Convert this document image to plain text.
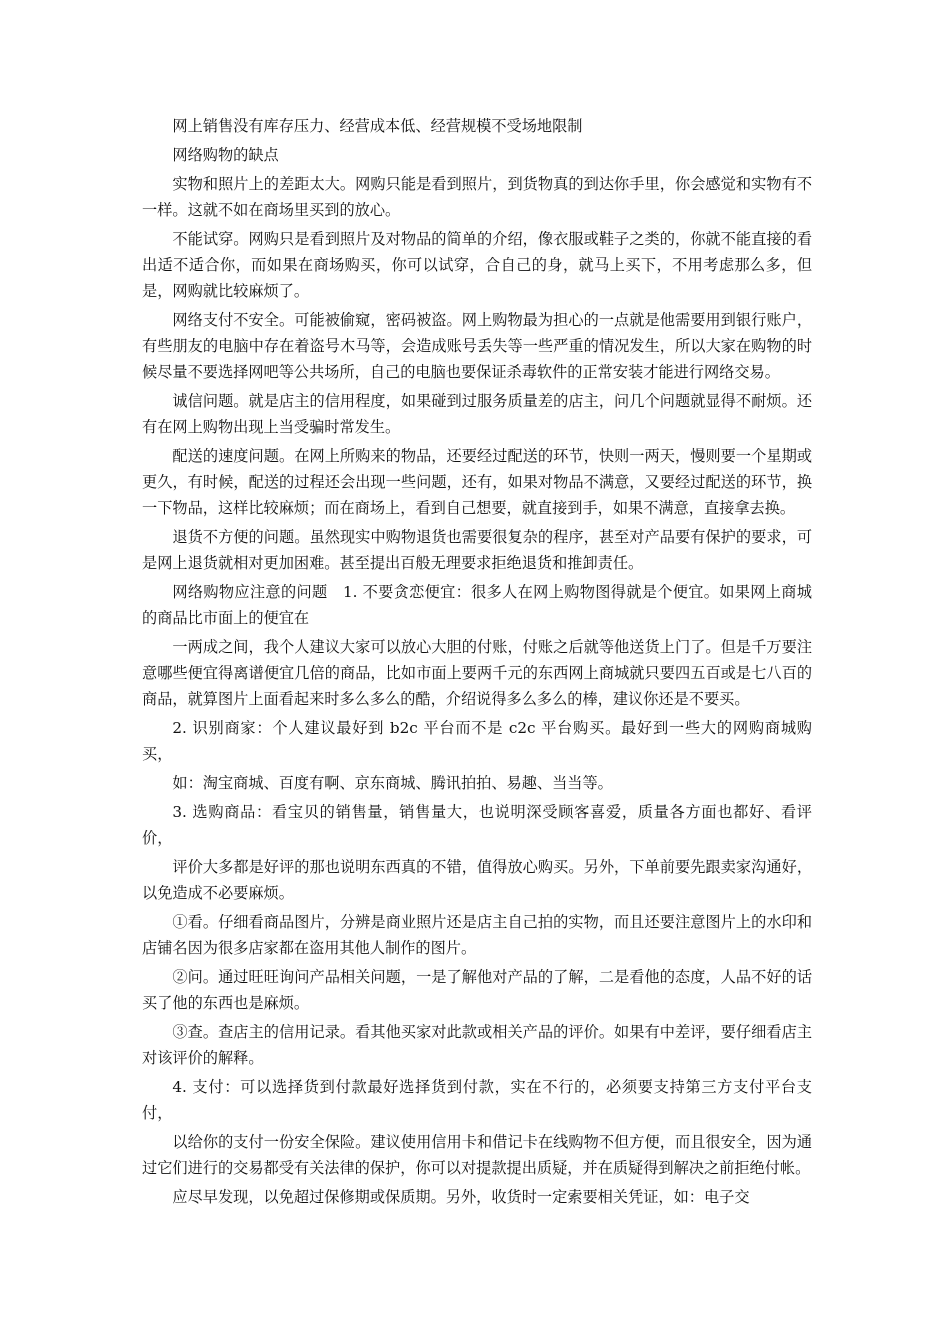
网上销售没有库存压力、经营成本低、经营规模不受场地限制

网络购物的缺点

实物和照片上的差距太大。网购只能是看到照片，到货物真的到达你手里，你会感觉和实物有不一样。这就不如在商场里买到的放心。

不能试穿。网购只是看到照片及对物品的简单的介绍，像衣服或鞋子之类的，你就不能直接的看出适不适合你，而如果在商场购买，你可以试穿，合自己的身，就马上买下，不用考虑那么多，但是，网购就比较麻烦了。

网络支付不安全。可能被偷窥，密码被盗。网上购物最为担心的一点就是他需要用到银行账户，有些朋友的电脑中存在着盗号木马等，会造成账号丢失等一些严重的情况发生，所以大家在购物的时候尽量不要选择网吧等公共场所，自己的电脑也要保证杀毒软件的正常安装才能进行网络交易。

诚信问题。就是店主的信用程度，如果碰到过服务质量差的店主，问几个问题就显得不耐烦。还有在网上购物出现上当受骗时常发生。

配送的速度问题。在网上所购来的物品，还要经过配送的环节，快则一两天，慢则要一个星期或更久，有时候，配送的过程还会出现一些问题，还有，如果对物品不满意，又要经过配送的环节，换一下物品，这样比较麻烦；而在商场上，看到自己想要，就直接到手，如果不满意，直接拿去换。

退货不方便的问题。虽然现实中购物退货也需要很复杂的程序，甚至对产品要有保护的要求，可是网上退货就相对更加困难。甚至提出百般无理要求拒绝退货和推卸责任。

网络购物应注意的问题　1. 不要贪恋便宜：很多人在网上购物图得就是个便宜。如果网上商城的商品比市面上的便宜在

一两成之间，我个人建议大家可以放心大胆的付账，付账之后就等他送货上门了。但是千万要注意哪些便宜得离谱便宜几倍的商品，比如市面上要两千元的东西网上商城就只要四五百或是七八百的商品，就算图片上面看起来时多么多么的酷，介绍说得多么多么的棒，建议你还是不要买。

2. 识别商家：个人建议最好到 b2c 平台而不是 c2c 平台购买。最好到一些大的网购商城购买，

如：淘宝商城、百度有啊、京东商城、腾讯拍拍、易趣、当当等。

3. 选购商品：看宝贝的销售量，销售量大，也说明深受顾客喜爱，质量各方面也都好、看评价，

评价大多都是好评的那也说明东西真的不错，值得放心购买。另外，下单前要先跟卖家沟通好，以免造成不必要麻烦。

①看。仔细看商品图片，分辨是商业照片还是店主自己拍的实物，而且还要注意图片上的水印和店铺名因为很多店家都在盗用其他人制作的图片。

②问。通过旺旺询问产品相关问题，一是了解他对产品的了解，二是看他的态度，人品不好的话买了他的东西也是麻烦。

③查。查店主的信用记录。看其他买家对此款或相关产品的评价。如果有中差评，要仔细看店主对该评价的解释。

4. 支付：可以选择货到付款最好选择货到付款，实在不行的，必须要支持第三方支付平台支付，

以给你的支付一份安全保险。建议使用信用卡和借记卡在线购物不但方便，而且很安全，因为通过它们进行的交易都受有关法律的保护，你可以对提款提出质疑，并在质疑得到解决之前拒绝付帐。

应尽早发现，以免超过保修期或保质期。另外，收货时一定索要相关凭证，如：电子交
